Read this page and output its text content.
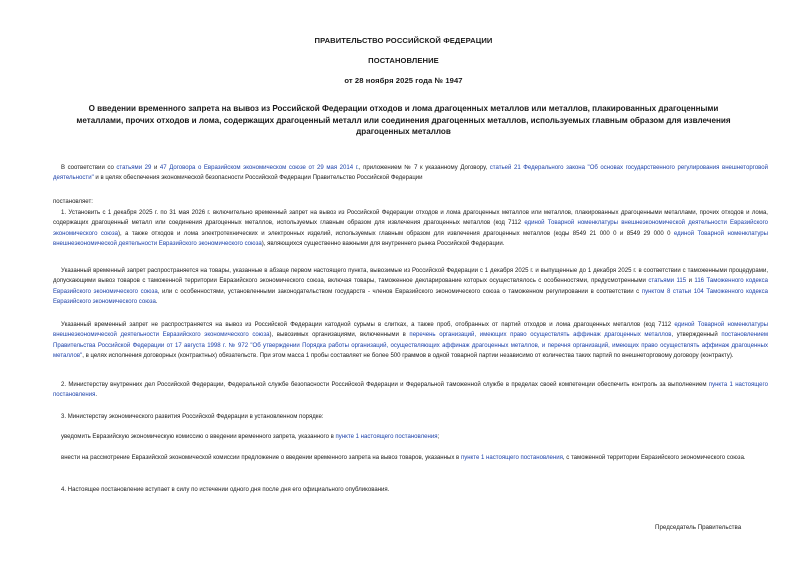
ПРАВИТЕЛЬСТВО РОССИЙСКОЙ ФЕДЕРАЦИИ
ПОСТАНОВЛЕНИЕ
от 28 ноября 2025 года № 1947
О введении временного запрета на вывоз из Российской Федерации отходов и лома драгоценных металлов или металлов, плакированных драгоценными
металлами, прочих отходов и лома, содержащих драгоценный металл или соединения драгоценных металлов, используемых главным образом для извлечения
драгоценных металлов

В соответствии со статьями 29 и 47 Договора о Евразийском экономическом союзе от 29 мая 2014 г., приложением № 7 к указанному Договору, статьей 21 Федерального закона "Об основах государственного регулирования внешнеторговой деятельности" и в целях обеспечения экономической безопасности Российской Федерации Правительство Российской Федерации

постановляет:

1. Установить с 1 декабря 2025 г. по 31 мая 2026 г. включительно временный запрет на вывоз из Российской Федерации отходов и лома драгоценных металлов или металлов, плакированных драгоценными металлами, прочих отходов и лома, содержащих драгоценный металл или соединения драгоценных металлов, используемых главным образом для извлечения драгоценных металлов (код 7112 единой Товарной номенклатуры внешнеэкономической деятельности Евразийского экономического союза), а также отходов и лома электротехнических и электронных изделий, используемых главным образом для извлечения драгоценных металлов (коды 8549 21 000 0 и 8549 29 000 0 единой Товарной номенклатуры внешнеэкономической деятельности Евразийского экономического союза), являющихся существенно важными для внутреннего рынка Российской Федерации.

Указанный временный запрет распространяется на товары, указанные в абзаце первом настоящего пункта, вывозимые из Российской Федерации с 1 декабря 2025 г. и выпущенные до 1 декабря 2025 г. в соответствии с таможенными процедурами, допускающими вывоз товаров с таможенной территории Евразийского экономического союза, включая товары, таможенное декларирование которых осуществлялось с особенностями, предусмотренными статьями 115 и 116 Таможенного кодекса Евразийского экономического союза, или с особенностями, установленными законодательством государств - членов Евразийского экономического союза о таможенном регулировании в соответствии с пунктом 8 статьи 104 Таможенного кодекса Евразийского экономического союза.

Указанный временный запрет не распространяется на вывоз из Российской Федерации катодной сурьмы в слитках, а также проб, отобранных от партий отходов и лома драгоценных металлов (код 7112 единой Товарной номенклатуры внешнеэкономической деятельности Евразийского экономического союза), вывозимых организациями, включенными в перечень организаций, имеющих право осуществлять аффинаж драгоценных металлов, утвержденный постановлением Правительства Российской Федерации от 17 августа 1998 г. № 972 "Об утверждении Порядка работы организаций, осуществляющих аффинаж драгоценных металлов, и перечня организаций, имеющих право осуществлять аффинаж драгоценных металлов", в целях исполнения договорных (контрактных) обязательств. При этом масса 1 пробы составляет не более 500 граммов в одной товарной партии независимо от количества таких партий по внешнеторговому договору (контракту).

2. Министерству внутренних дел Российской Федерации, Федеральной службе безопасности Российской Федерации и Федеральной таможенной службе в пределах своей компетенции обеспечить контроль за выполнением пункта 1 настоящего постановления.

3. Министерству экономического развития Российской Федерации в установленном порядке:

уведомить Евразийскую экономическую комиссию о введении временного запрета, указанного в пункте 1 настоящего постановления;

внести на рассмотрение Евразийской экономической комиссии предложение о введении временного запрета на вывоз товаров, указанных в пункте 1 настоящего постановления, с таможенной территории Евразийского экономического союза.

4. Настоящее постановление вступает в силу по истечении одного дня после дня его официального опубликования.

Председатель Правительства
